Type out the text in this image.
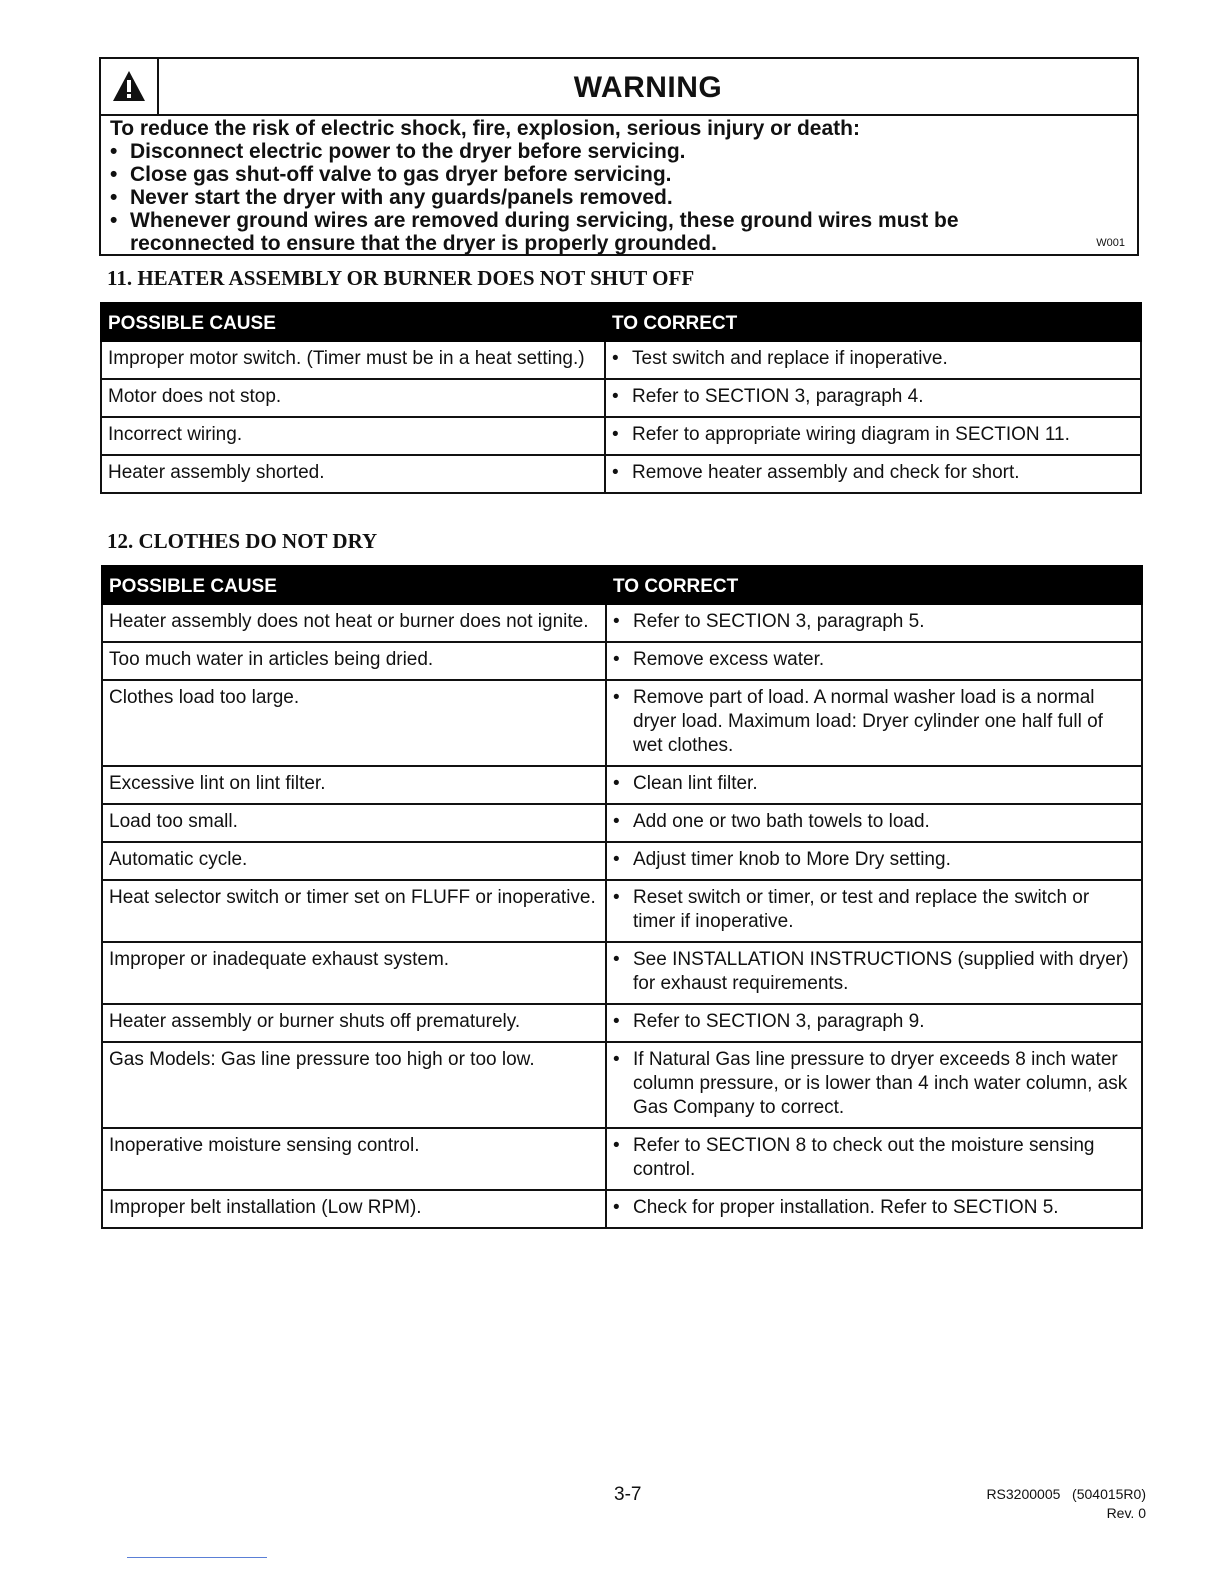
WARNING
To reduce the risk of electric shock, fire, explosion, serious injury or death:
• Disconnect electric power to the dryer before servicing.
• Close gas shut-off valve to gas dryer before servicing.
• Never start the dryer with any guards/panels removed.
• Whenever ground wires are removed during servicing, these ground wires must be
reconnected to ensure that the dryer is properly grounded.	W001
11. HEATER ASSEMBLY OR BURNER DOES NOT SHUT OFF
POSSIBLE CAUSE	TO CORRECT
Improper motor switch. (Timer must be in a heat setting.)	• Test switch and replace if inoperative.

Motor does not stop.	• Refer to SECTION 3, paragraph 4.

Incorrect wiring.	• Refer to appropriate wiring diagram in SECTION 11.

Heater assembly shorted.	• Remove heater assembly and check for short.
12. CLOTHES DO NOT DRY
POSSIBLE CAUSE	TO CORRECT
Heater assembly does not heat or burner does not ignite.	• Refer to SECTION 3, paragraph 5.

Too much water in articles being dried.	• Remove excess water.

Clothes load too large.	• Remove part of load. A normal washer load is a normal dryer load. Maximum load: Dryer cylinder one half full of wet clothes.

Excessive lint on lint filter.	• Clean lint filter.

Load too small.	• Add one or two bath towels to load.

Automatic cycle.	• Adjust timer knob to More Dry setting.

Heat selector switch or timer set on FLUFF or inoperative.	• Reset switch or timer, or test and replace the switch or timer if inoperative.

Improper or inadequate exhaust system.	• See INSTALLATION INSTRUCTIONS (supplied with dryer) for exhaust requirements.

Heater assembly or burner shuts off prematurely.	• Refer to SECTION 3, paragraph 9.

Gas Models: Gas line pressure too high or too low.	• If Natural Gas line pressure to dryer exceeds 8 inch water column pressure, or is lower than 4 inch water column, ask Gas Company to correct.

Inoperative moisture sensing control.	• Refer to SECTION 8 to check out the moisture sensing control.

Improper belt installation (Low RPM).	• Check for proper installation. Refer to SECTION 5.
3-7	RS3200005   (504015R0)
Rev. 0
